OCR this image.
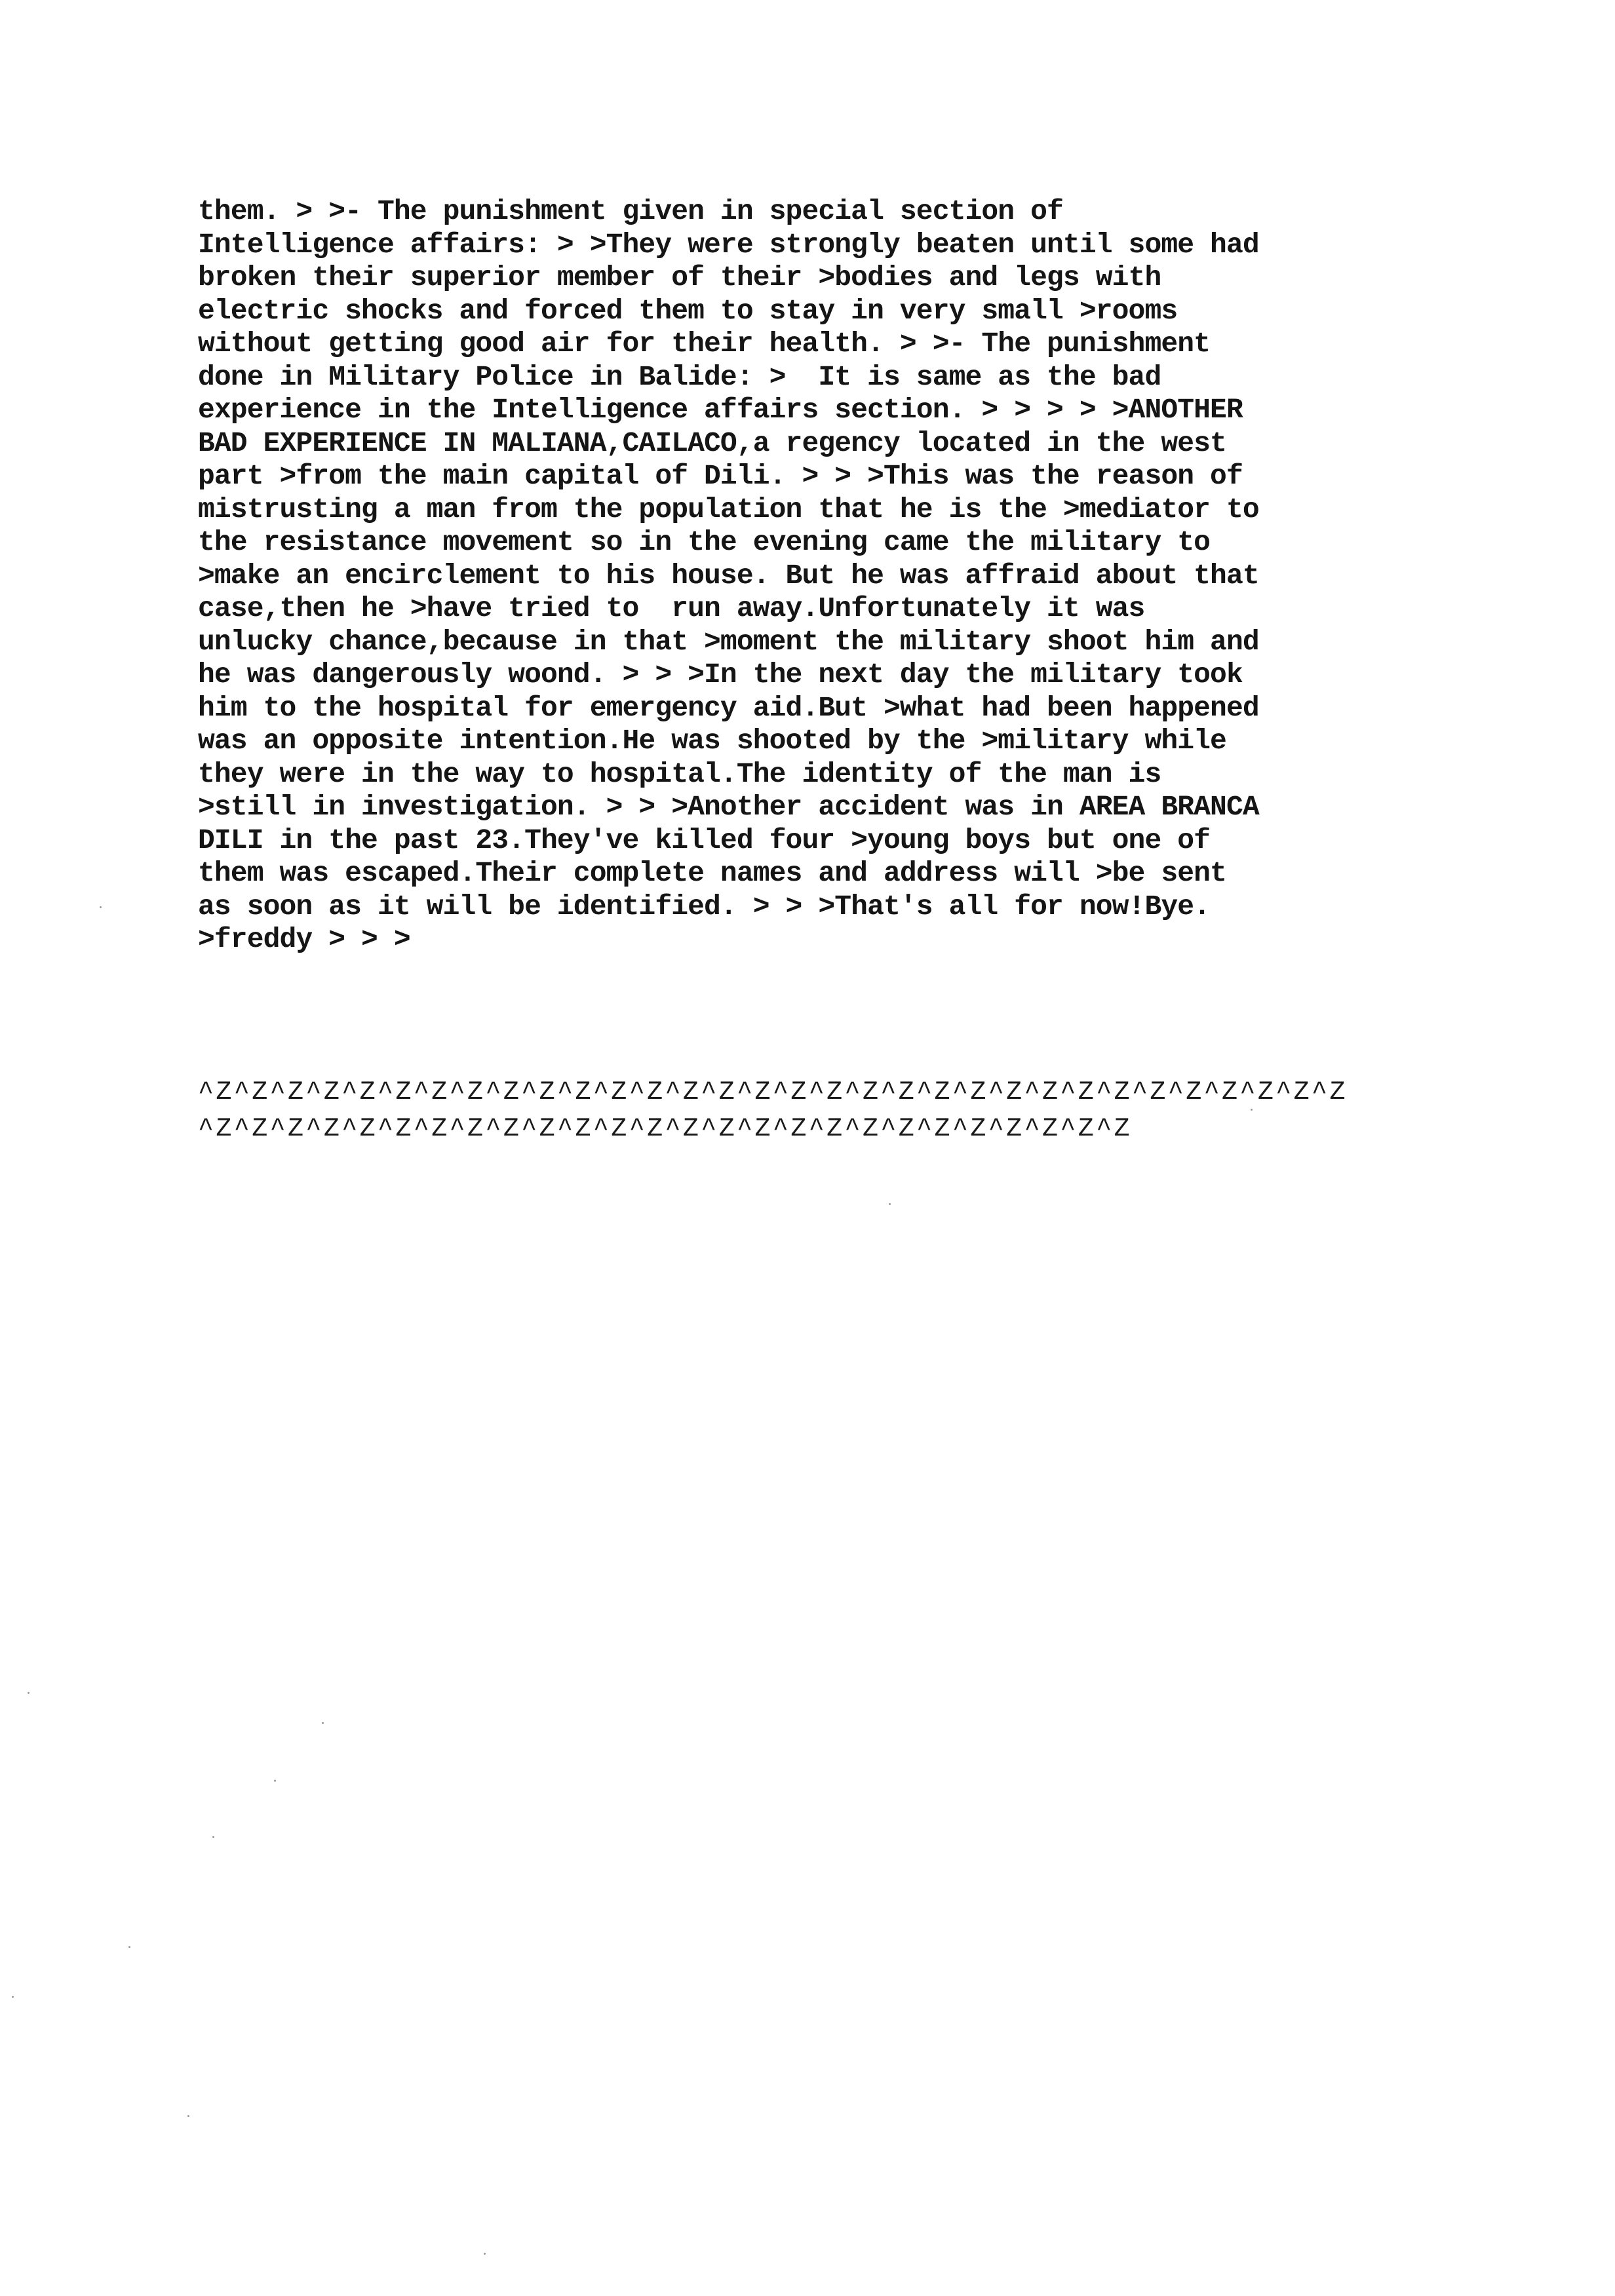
them. > >- The punishment given in special section of
Intelligence affairs: > >They were strongly beaten until some had
broken their superior member of their >bodies and legs with
electric shocks and forced them to stay in very small >rooms
without getting good air for their health. > >- The punishment
done in Military Police in Balide: >  It is same as the bad
experience in the Intelligence affairs section. > > > > >ANOTHER
BAD EXPERIENCE IN MALIANA,CAILACO,a regency located in the west
part >from the main capital of Dili. > > >This was the reason of
mistrusting a man from the population that he is the >mediator to
the resistance movement so in the evening came the military to
>make an encirclement to his house. But he was affraid about that
case,then he >have tried to  run away.Unfortunately it was
unlucky chance,because in that >moment the military shoot him and
he was dangerously woond. > > >In the next day the military took
him to the hospital for emergency aid.But >what had been happened
was an opposite intention.He was shooted by the >military while
they were in the way to hospital.The identity of the man is
>still in investigation. > > >Another accident was in AREA BRANCA
DILI in the past 23.They've killed four >young boys but one of
them was escaped.Their complete names and address will >be sent
as soon as it will be identified. > > >That's all for now!Bye.
>freddy > > >
^Z^Z^Z^Z^Z^Z^Z^Z^Z^Z^Z^Z^Z^Z^Z^Z^Z^Z^Z^Z^Z^Z^Z^Z^Z^Z^Z^Z^Z^Z^Z^Z
^Z^Z^Z^Z^Z^Z^Z^Z^Z^Z^Z^Z^Z^Z^Z^Z^Z^Z^Z^Z^Z^Z^Z^Z^Z^Z
